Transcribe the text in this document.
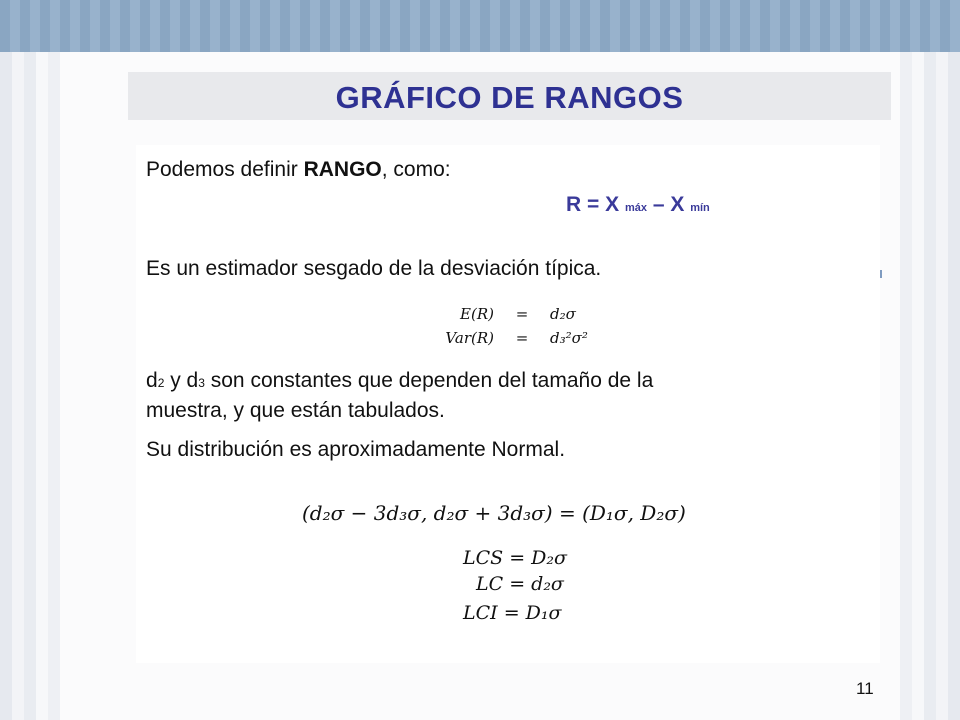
GRÁFICO DE RANGOS
Podemos definir RANGO, como:
R = X máx – X mín
Es un estimador sesgado de la desviación típica.
E(R) = d₂σ
Var(R) = d₃²σ²
d2 y d3 son constantes que dependen del tamaño de la
muestra, y que están tabulados.
Su distribución es aproximadamente Normal.
(d₂σ − 3d₃σ, d₂σ + 3d₃σ) = (D₁σ, D₂σ)
LCS = D₂σ
LC = d₂σ
LCI = D₁σ
11
